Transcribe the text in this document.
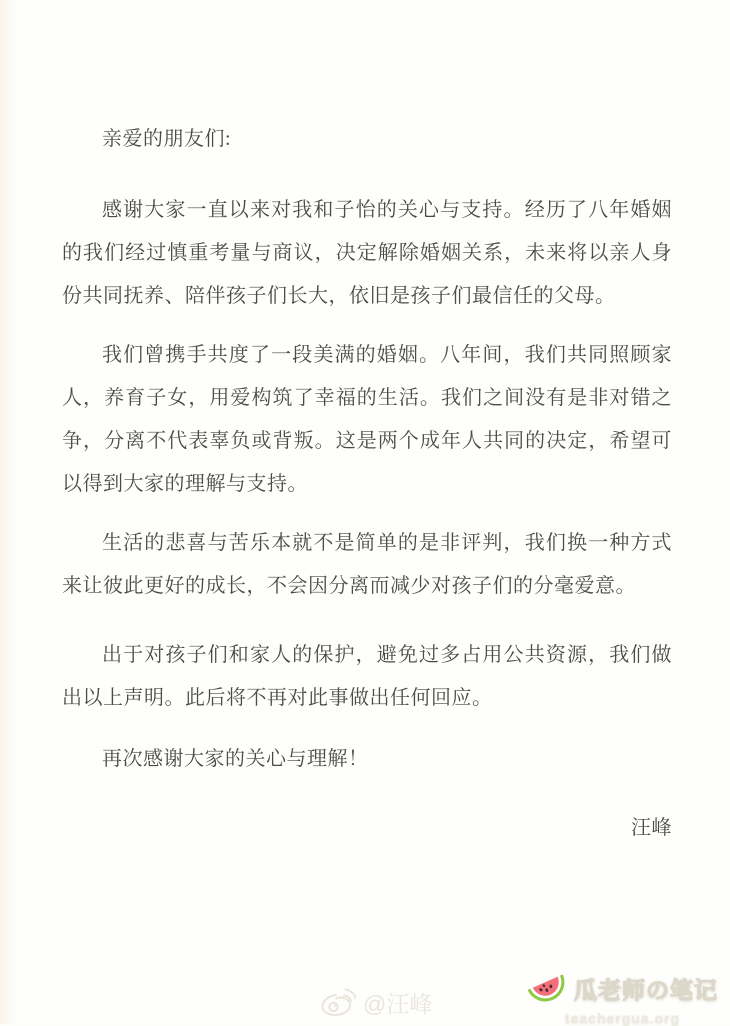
亲爱的朋友们:
感谢大家一直以来对我和子怡的关心与支持。经历了八年婚姻
的我们经过慎重考量与商议，决定解除婚姻关系，未来将以亲人身
份共同抚养、陪伴孩子们长大，依旧是孩子们最信任的父母。
我们曾携手共度了一段美满的婚姻。八年间，我们共同照顾家
人，养育子女，用爱构筑了幸福的生活。我们之间没有是非对错之
争，分离不代表辜负或背叛。这是两个成年人共同的决定，希望可
以得到大家的理解与支持。
生活的悲喜与苦乐本就不是简单的是非评判，我们换一种方式
来让彼此更好的成长，不会因分离而减少对孩子们的分毫爱意。
出于对孩子们和家人的保护，避免过多占用公共资源，我们做
出以上声明。此后将不再对此事做出任何回应。
再次感谢大家的关心与理解！
汪峰
@汪峰
瓜老师の笔记
teachergua.org
